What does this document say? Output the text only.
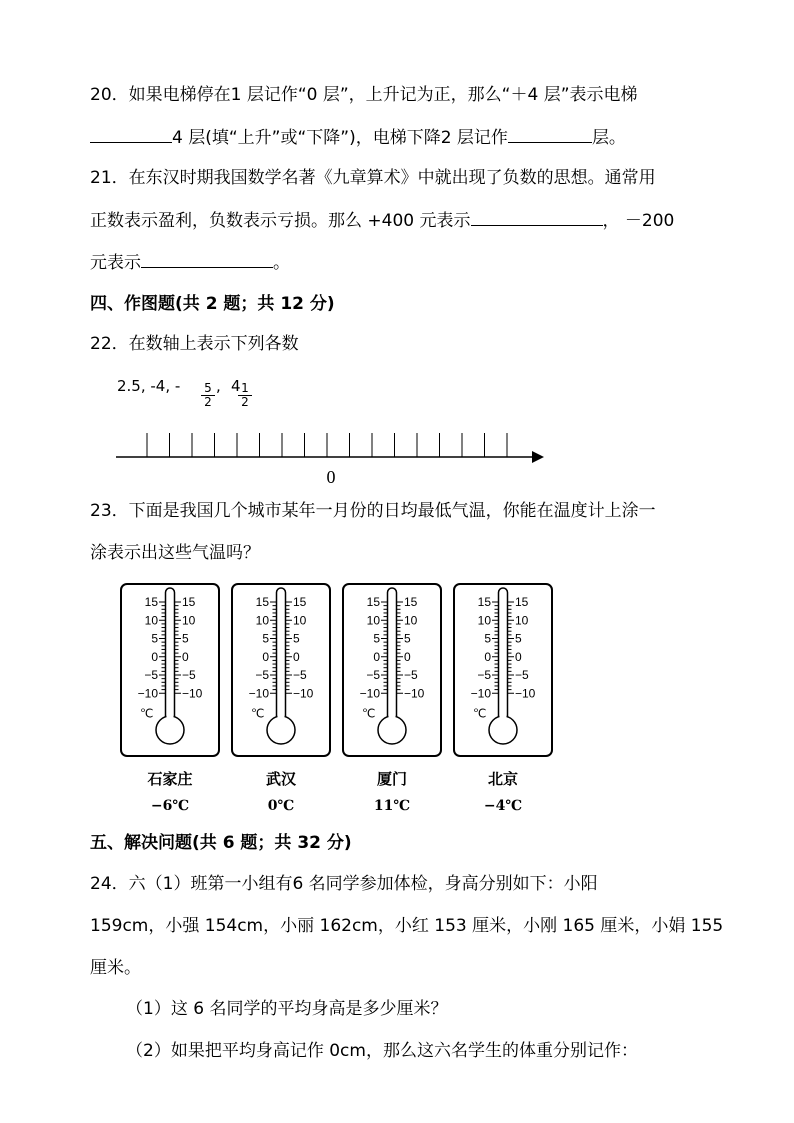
20．如果电梯停在1 层记作“0 层”，上升记为正，那么“＋4 层”表示电梯
4 层(填“上升”或“下降”)，电梯下降2 层记作	层。
21．在东汉时期我国数学名著《九章算术》中就出现了负数的思想。通常用
正数表示盈利，负数表示亏损。那么 +400 元表示	， －200
元表示	。
四、作图题(共 2 题；共 12 分)
22．在数轴上表示下列各数
2.5, -4, - $\frac{5}{2}$ , 4
$\frac{1}{2}$
0
23．下面是我国几个城市某年一月份的日均最低气温，你能在温度计上涂一
涂表示出这些气温吗？
15 15
10 10
5 5
0 0
−5 −5
−10 −10
℃
石家庄
−6℃
15 15
10 10
5 5
0 0
−5 −5
−10 −10
℃
武汉
0℃
15 15
10 10
5 5
0 0
−5 −5
−10 −10
℃
厦门
11℃
15 15
10 10
5 5
0 0
−5 −5
−10 −10
℃
北京
−4℃
五、解决问题(共 6 题；共 32 分)
24．六（1）班第一小组有6 名同学参加体检，身高分别如下：小阳
159cm，小强 154cm，小丽 162cm，小红 153 厘米，小刚 165 厘米，小娟 155
厘米。
（1）这 6 名同学的平均身高是多少厘米？
（2）如果把平均身高记作 0cm，那么这六名学生的体重分别记作：
